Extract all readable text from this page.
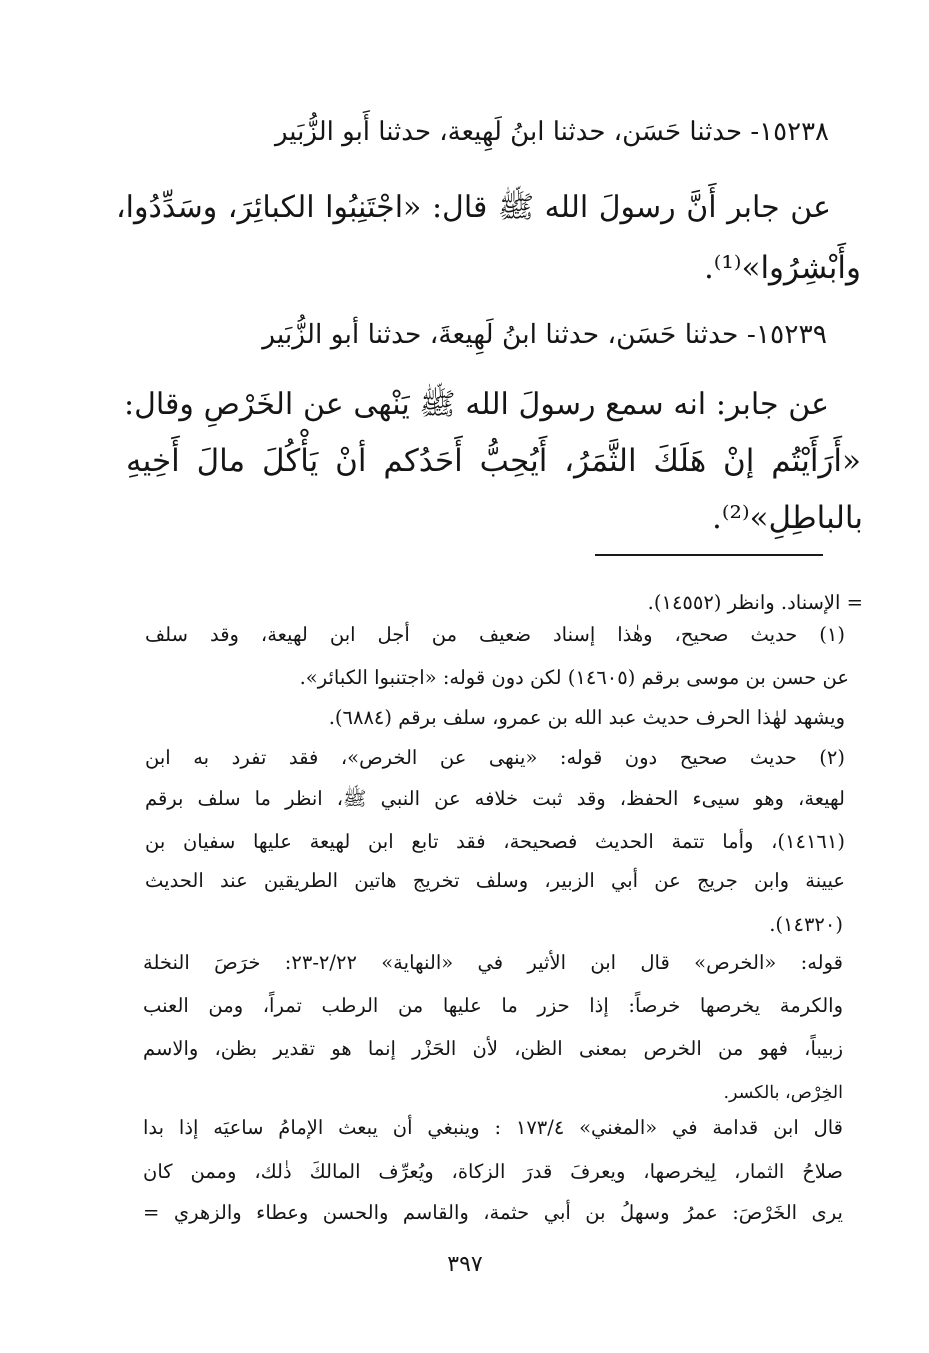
١٥٢٣٨- حدثنا حَسَن، حدثنا ابنُ لَهِيعة، حدثنا أَبو الزُّبَير

عن جابر أَنَّ رسولَ الله ﷺ قال: «اجْتَنِبُوا الكبائِرَ، وسَدِّدُوا،

وأَبْشِرُوا»⁽¹⁾.

١٥٢٣٩- حدثنا حَسَن، حدثنا ابنُ لَهِيعةَ، حدثنا أبو الزُّبَير

عن جابر: انه سمع رسولَ الله ﷺ يَنْهى عن الخَرْصِ وقال:

«أَرَأَيْتُم إنْ هَلَكَ الثَّمَرُ، أَيُحِبُّ أَحَدُكم أنْ يَأْكُلَ مالَ أَخِيهِ

بالباطِلِ»⁽²⁾.

= الإسناد. وانظر (١٤٥٥٢).

(١) حديث صحيح، وهٰذا إسناد ضعيف من أجل ابن لهيعة، وقد سلف

عن حسن بن موسى برقم (١٤٦٠٥) لكن دون قوله: «اجتنبوا الكبائر».

ويشهد لهٰذا الحرف حديث عبد الله بن عمرو، سلف برقم (٦٨٨٤).

(٢) حديث صحيح دون قوله: «ينهى عن الخرص»، فقد تفرد به ابن

لهيعة، وهو سيىء الحفظ، وقد ثبت خلافه عن النبي ﷺ، انظر ما سلف برقم

(١٤١٦١)، وأما تتمة الحديث فصحيحة، فقد تابع ابن لهيعة عليها سفيان بن

عيينة وابن جريج عن أبي الزبير، وسلف تخريج هاتين الطريقين عند الحديث

(١٤٣٢٠).

قوله: «الخرص» قال ابن الأثير في «النهاية» ٢/٢٢-٢٣: خرَصَ النخلة

والكرمة يخرصها خرصاً: إذا حزر ما عليها من الرطب تمراً، ومن العنب

زبيباً، فهو من الخرص بمعنى الظن، لأن الحَزْر إنما هو تقدير بظن، والاسم

الخِرْص، بالكسر.

قال ابن قدامة في «المغني» ١٧٣/٤ : وينبغي أن يبعث الإمامُ ساعيَه إذا بدا

صلاحُ الثمار، لِيخرصها، ويعرفَ قدرَ الزكاة، ويُعرِّف المالكَ ذٰلك، وممن كان

يرى الخَرْصَ: عمرُ وسهلُ بن أبي حثمة، والقاسم والحسن وعطاء والزهري =

٣٩٧
